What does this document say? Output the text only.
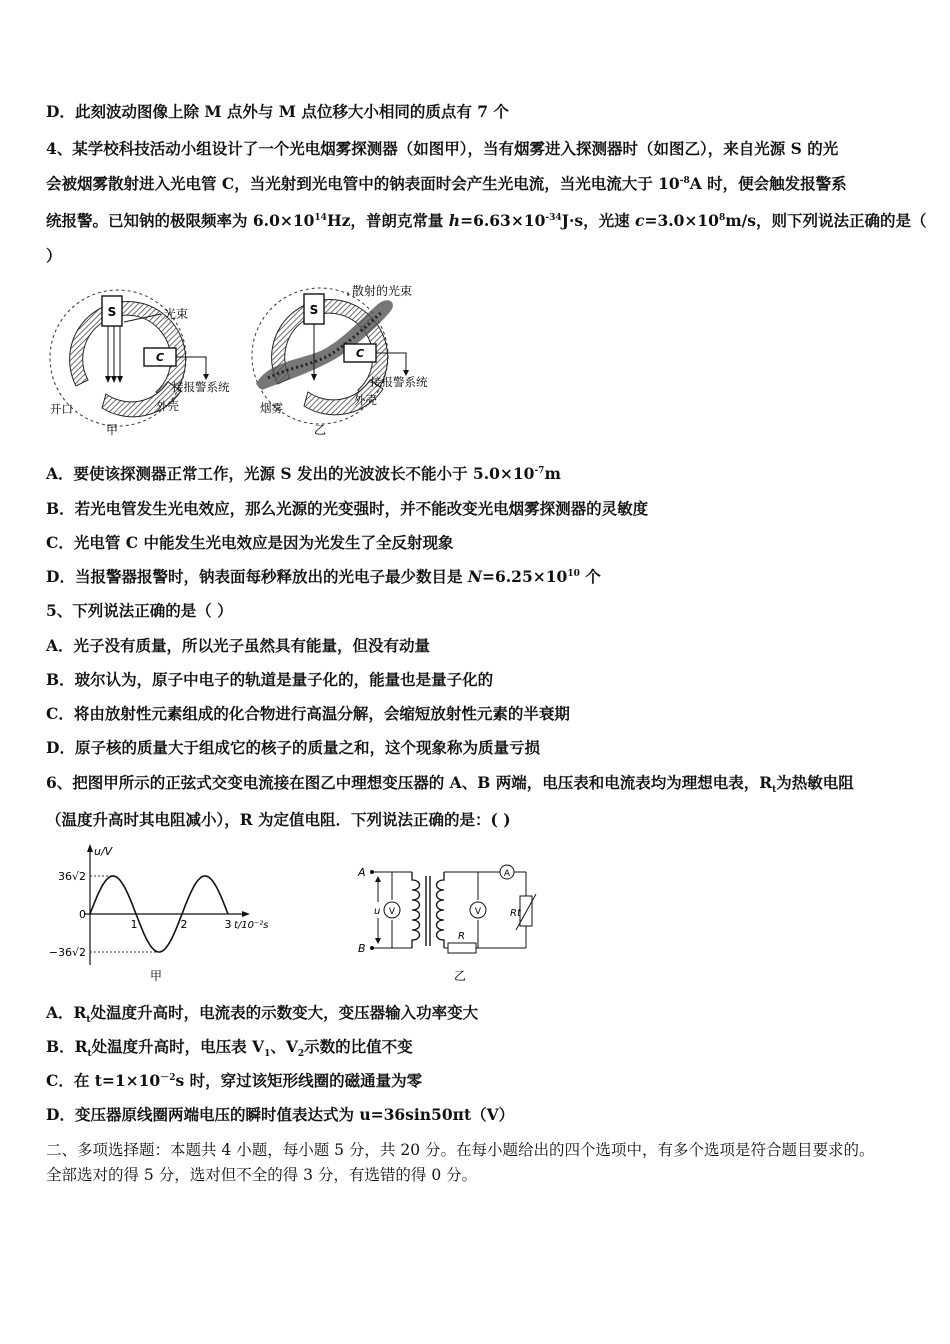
D．此刻波动图像上除 M 点外与 M 点位移大小相同的质点有 7 个
4、某学校科技活动小组设计了一个光电烟雾探测器（如图甲），当有烟雾进入探测器时（如图乙），来自光源 S 的光
会被烟雾散射进入光电管 C，当光射到光电管中的钠表面时会产生光电流，当光电流大于 $10^{-8}A$ 时，便会触发报警系
统报警。已知钠的极限频率为 $6.0\times 10^{14}Hz$，普朗克常量 $h=6.63\times 10^{-34}J\cdot s$，光速 $c=3.0\times 10^8m/s$，则下列说法正确的是（
）
S	光束
C
接报警系统
开口	外壳
甲
S
散射的光束
C
接报警系统
烟雾
外壳
乙
A．要使该探测器正常工作，光源 S 发出的光波波长不能小于 $5.0\times 10^{-7}m$
B．若光电管发生光电效应，那么光源的光变强时，并不能改变光电烟雾探测器的灵敏度
C．光电管 C 中能发生光电效应是因为光发生了全反射现象
D．当报警器报警时，钠表面每秒释放出的光电子最少数目是 $N=6.25\times 10^{10}$ 个
5、下列说法正确的是（ ）
A．光子没有质量，所以光子虽然具有能量，但没有动量
B．玻尔认为，原子中电子的轨道是量子化的，能量也是量子化的
C．将由放射性元素组成的化合物进行高温分解，会缩短放射性元素的半衰期
D．原子核的质量大于组成它的核子的质量之和，这个现象称为质量亏损
6、把图甲所示的正弦式交变电流接在图乙中理想变压器的 A、B 两端，电压表和电流表均为理想电表，$R_t$为热敏电阻
（温度升高时其电阻减小），R 为定值电阻．下列说法正确的是：( )
u/V
36√2
−36√2
0
1	2	3 t/10⁻²s
甲
A
B
u V
A
Rt
R
V
乙
A．$R_t$处温度升高时，电流表的示数变大，变压器输入功率变大
B．$R_t$处温度升高时，电压表 $V_1$、$V_2$示数的比值不变
C．在 $t=1\times 10^{-2}s$ 时，穿过该矩形线圈的磁通量为零
D．变压器原线圈两端电压的瞬时值表达式为 u=36sin50πt（V）
二、多项选择题：本题共 4 小题，每小题 5 分，共 20 分。在每小题给出的四个选项中，有多个选项是符合题目要求的。
全部选对的得 5 分，选对但不全的得 3 分，有选错的得 0 分。
